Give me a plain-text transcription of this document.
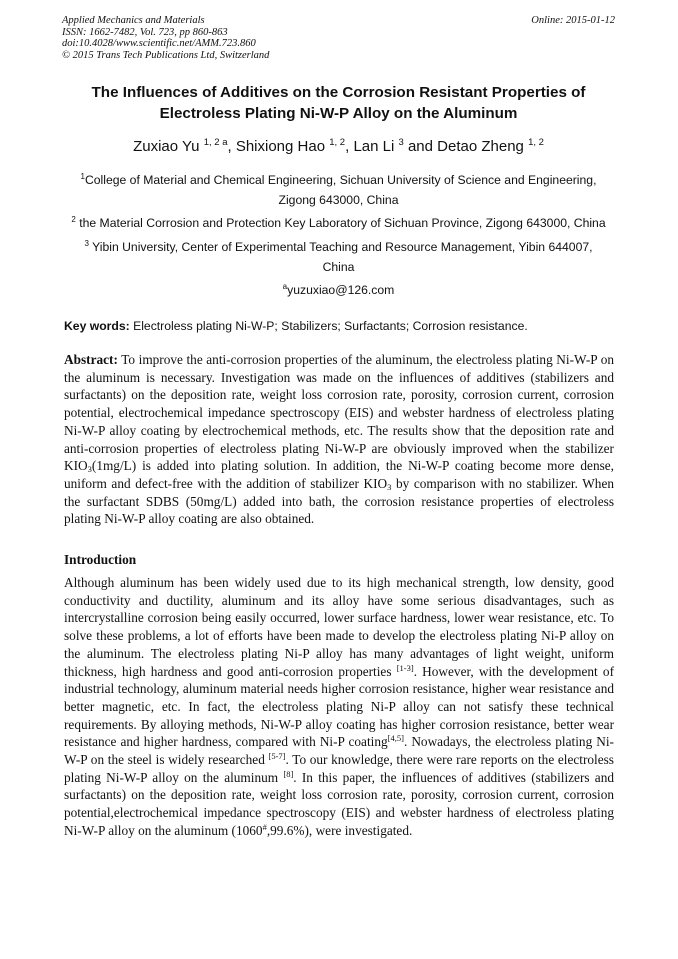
Applied Mechanics and Materials
ISSN: 1662-7482, Vol. 723, pp 860-863
doi:10.4028/www.scientific.net/AMM.723.860
© 2015 Trans Tech Publications Ltd, Switzerland
Online: 2015-01-12
The Influences of Additives on the Corrosion Resistant Properties of
Electroless Plating Ni-W-P Alloy on the Aluminum
Zuxiao Yu $^{1, 2 a}$, Shixiong Hao $^{1, 2}$, Lan Li $^3$ and Detao Zheng $^{1, 2}$
$^1$College of Material and Chemical Engineering, Sichuan University of Science and Engineering,
Zigong 643000, China
$^2$ the Material Corrosion and Protection Key Laboratory of Sichuan Province, Zigong 643000, China
$^3$ Yibin University, Center of Experimental Teaching and Resource Management, Yibin 644007,
China
$^a$yuzuxiao@126.com
Key words: Electroless plating Ni-W-P; Stabilizers; Surfactants; Corrosion resistance.
Abstract: To improve the anti-corrosion properties of the aluminum, the electroless plating Ni-W-P on the aluminum is necessary. Investigation was made on the influences of additives (stabilizers and surfactants) on the deposition rate, weight loss corrosion rate, porosity, corrosion current, corrosion potential, electrochemical impedance spectroscopy (EIS) and webster hardness of electroless plating Ni-W-P alloy coating by electrochemical methods, etc. The results show that the deposition rate and anti-corrosion properties of electroless plating Ni-W-P are obviously improved when the stabilizer $KIO_3(1mg/L)$ is added into plating solution. In addition, the Ni-W-P coating become more dense, uniform and defect-free with the addition of stabilizer $KIO_3$ by comparison with no stabilizer. When the surfactant SDBS (50mg/L) added into bath, the corrosion resistance properties of electroless plating Ni-W-P alloy coating are also obtained.
Introduction
Although aluminum has been widely used due to its high mechanical strength, low density, good conductivity and ductility, aluminum and its alloy have some serious disadvantages, such as intercrystalline corrosion being easily occurred, lower surface hardness, lower wear resistance, etc. To solve these problems, a lot of efforts have been made to develop the electroless plating Ni-P alloy on the aluminum. The electroless plating Ni-P alloy has many advantages of light weight, uniform thickness, high hardness and good anti-corrosion properties [1-3]. However, with the development of industrial technology, aluminum material needs higher corrosion resistance, higher wear resistance and better magnetic, etc. In fact, the electroless plating Ni-P alloy can not satisfy these technical requirements. By alloying methods, Ni-W-P alloy coating has higher corrosion resistance, better wear resistance and higher hardness, compared with Ni-P coating[4,5]. Nowadays, the electroless plating Ni-W-P on the steel is widely researched [5-7]. To our knowledge, there were rare reports on the electroless plating Ni-W-P alloy on the aluminum [8]. In this paper, the influences of additives (stabilizers and surfactants) on the deposition rate, weight loss corrosion rate, porosity, corrosion current, corrosion potential,electrochemical impedance spectroscopy (EIS) and webster hardness of electroless plating Ni-W-P alloy on the aluminum (1060#,99.6%), were investigated.
